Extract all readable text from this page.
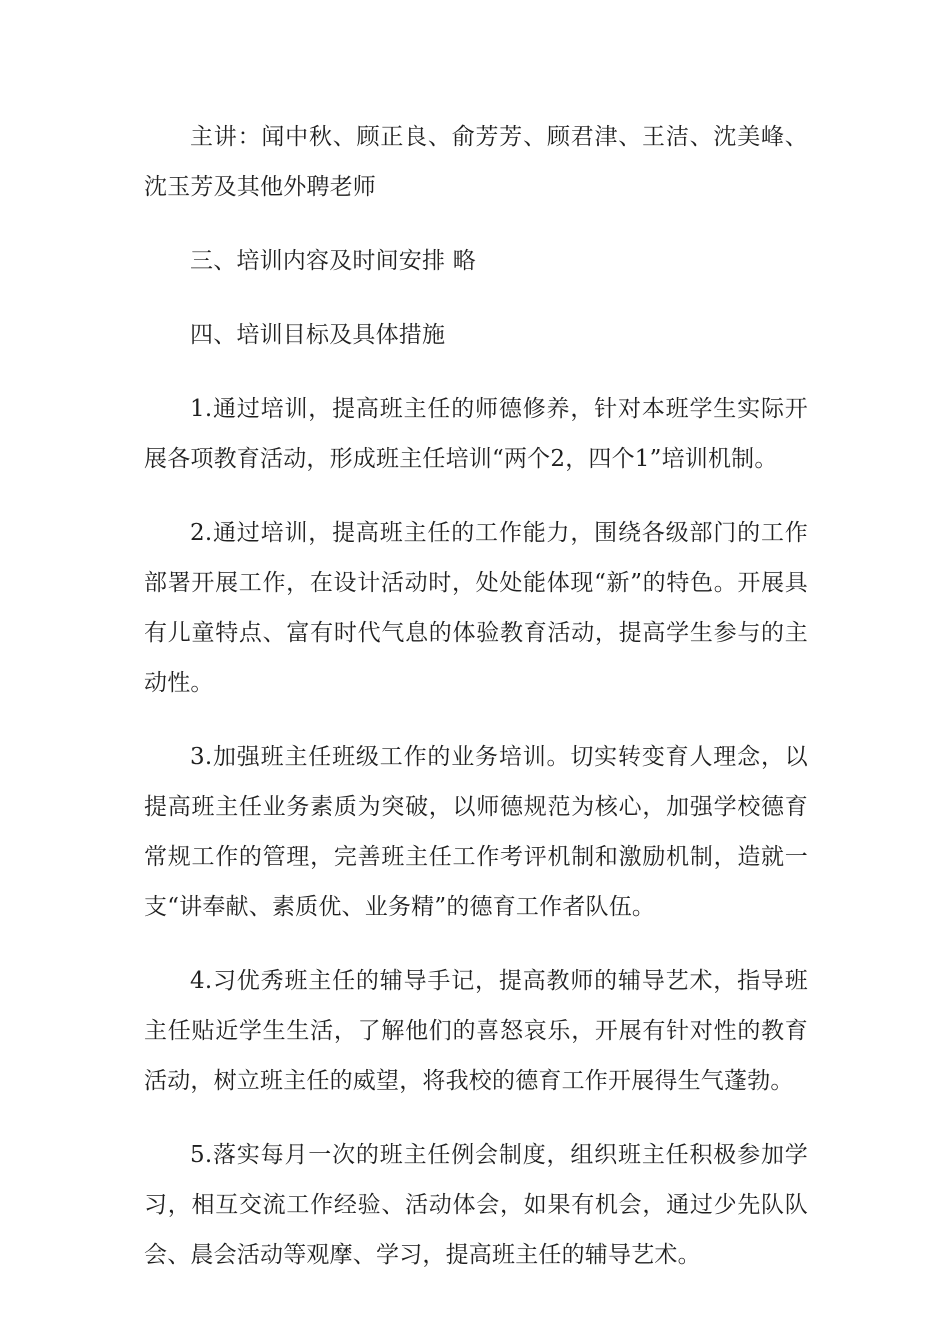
主讲：闻中秋、顾正良、俞芳芳、顾君津、王洁、沈美峰、沈玉芳及其他外聘老师

三、培训内容及时间安排 略

四、培训目标及具体措施

1.通过培训，提高班主任的师德修养，针对本班学生实际开展各项教育活动，形成班主任培训“两个2，四个1”培训机制。

2.通过培训，提高班主任的工作能力，围绕各级部门的工作部署开展工作，在设计活动时，处处能体现“新”的特色。开展具有儿童特点、富有时代气息的体验教育活动，提高学生参与的主动性。

3.加强班主任班级工作的业务培训。切实转变育人理念，以提高班主任业务素质为突破，以师德规范为核心，加强学校德育常规工作的管理，完善班主任工作考评机制和激励机制，造就一支“讲奉献、素质优、业务精”的德育工作者队伍。

4.习优秀班主任的辅导手记，提高教师的辅导艺术，指导班主任贴近学生生活，了解他们的喜怒哀乐，开展有针对性的教育活动，树立班主任的威望，将我校的德育工作开展得生气蓬勃。

5.落实每月一次的班主任例会制度，组织班主任积极参加学习，相互交流工作经验、活动体会，如果有机会，通过少先队队会、晨会活动等观摩、学习，提高班主任的辅导艺术。
